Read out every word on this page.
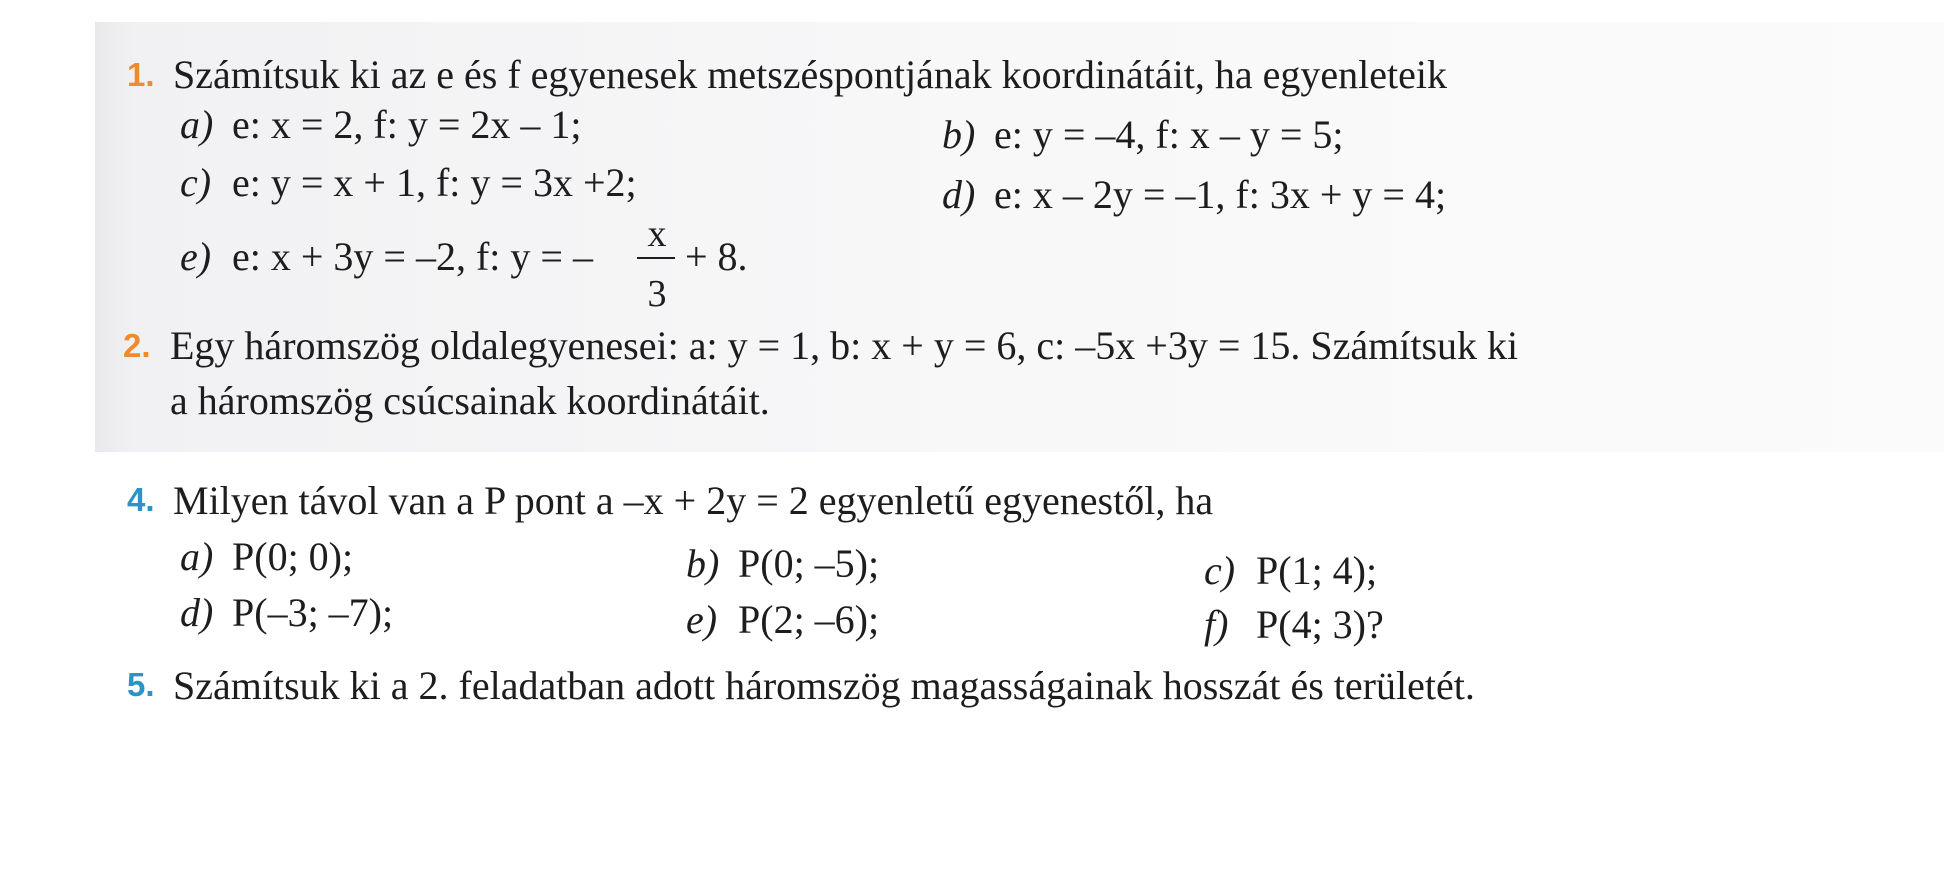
1. Számítsuk ki az e és f egyenesek metszéspontjának koordinátáit, ha egyenleteik
a) e: x = 2, f: y = 2x – 1;	b) e: y = –4, f: x – y = 5;
c) e: y = x + 1, f: y = 3x +2;	d) e: x – 2y = –1, f: 3x + y = 4;
e) e: x + 3y = –2, f: y = – x
3
+ 8.
2. Egy háromszög oldalegyenesei: a: y = 1, b: x + y = 6, c: –5x +3y = 15. Számítsuk ki
a háromszög csúcsainak koordinátáit.
4. Milyen távol van a P pont a –x + 2y = 2 egyenletű egyenestől, ha
a) P(0; 0);	b) P(0; –5);	c) P(1; 4);
d) P(–3; –7);	e) P(2; –6);	f) P(4; 3)?
5. Számítsuk ki a 2. feladatban adott háromszög magasságainak hosszát és területét.
